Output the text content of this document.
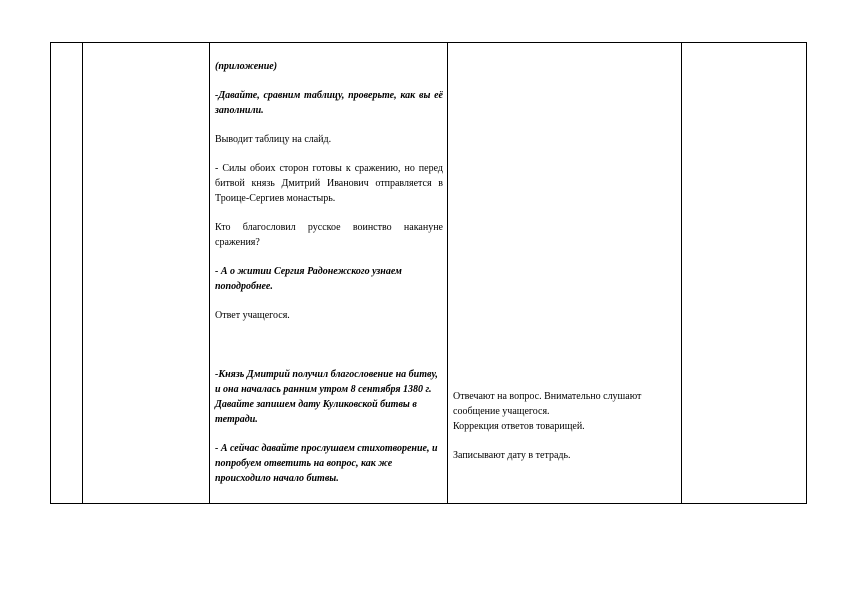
(приложение)

-Давайте, сравним таблицу, проверьте, как вы её заполнили.

Выводит таблицу на слайд.

- Силы обоих сторон готовы к сражению, но перед битвой князь Дмитрий Иванович отправляется в Троице-Сергиев монастырь.

Кто благословил русское воинство накануне сражения?

- А о житии Сергия Радонежского узнаем поподробнее.

Ответ учащегося.

-Князь Дмитрий получил благословение на битву, и она началась ранним утром 8 сентября 1380 г. Давайте запишем дату Куликовской битвы в тетради.

- А сейчас давайте прослушаем стихотворение, и попробуем ответить на вопрос, как же происходило начало битвы.

Отвечают на вопрос. Внимательно слушают сообщение учащегося.

Коррекция ответов товарищей.

Записывают дату в тетрадь.
